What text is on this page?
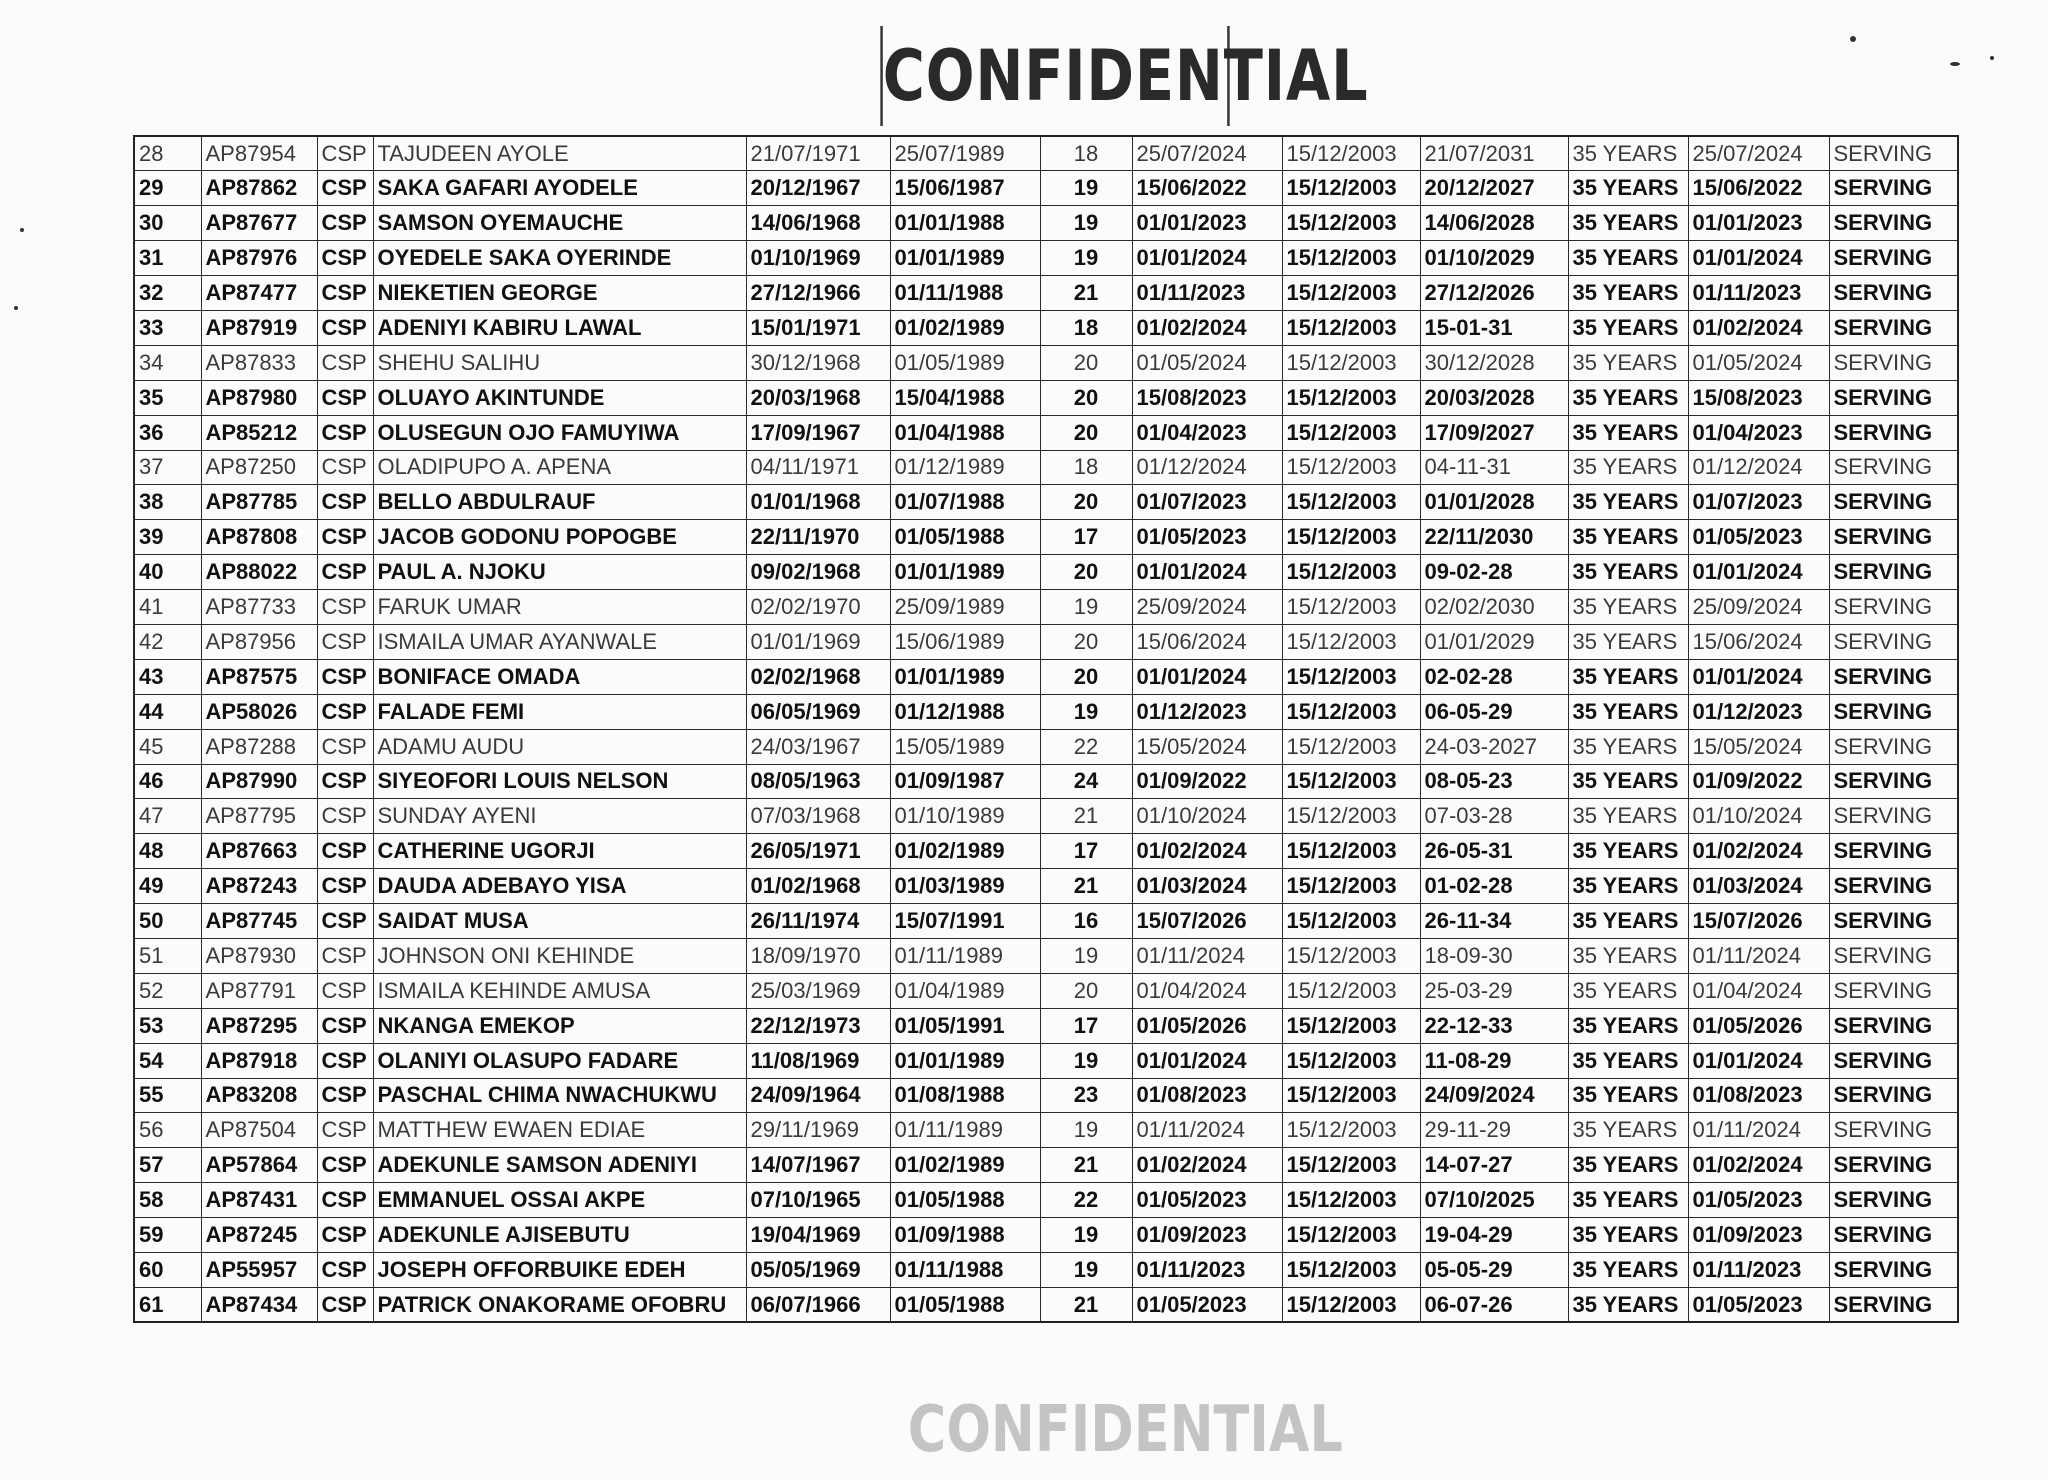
CONFIDENTIAL
CONFIDENTIAL
28	AP87954	CSP	TAJUDEEN AYOLE	21/07/1971	25/07/1989	18	25/07/2024	15/12/2003	21/07/2031	35 YEARS	25/07/2024	SERVING
29	AP87862	CSP	SAKA GAFARI AYODELE	20/12/1967	15/06/1987	19	15/06/2022	15/12/2003	20/12/2027	35 YEARS	15/06/2022	SERVING
30	AP87677	CSP	SAMSON OYEMAUCHE	14/06/1968	01/01/1988	19	01/01/2023	15/12/2003	14/06/2028	35 YEARS	01/01/2023	SERVING
31	AP87976	CSP	OYEDELE SAKA OYERINDE	01/10/1969	01/01/1989	19	01/01/2024	15/12/2003	01/10/2029	35 YEARS	01/01/2024	SERVING
32	AP87477	CSP	NIEKETIEN GEORGE	27/12/1966	01/11/1988	21	01/11/2023	15/12/2003	27/12/2026	35 YEARS	01/11/2023	SERVING
33	AP87919	CSP	ADENIYI KABIRU LAWAL	15/01/1971	01/02/1989	18	01/02/2024	15/12/2003	15-01-31	35 YEARS	01/02/2024	SERVING
34	AP87833	CSP	SHEHU SALIHU	30/12/1968	01/05/1989	20	01/05/2024	15/12/2003	30/12/2028	35 YEARS	01/05/2024	SERVING
35	AP87980	CSP	OLUAYO AKINTUNDE	20/03/1968	15/04/1988	20	15/08/2023	15/12/2003	20/03/2028	35 YEARS	15/08/2023	SERVING
36	AP85212	CSP	OLUSEGUN OJO FAMUYIWA	17/09/1967	01/04/1988	20	01/04/2023	15/12/2003	17/09/2027	35 YEARS	01/04/2023	SERVING
37	AP87250	CSP	OLADIPUPO A. APENA	04/11/1971	01/12/1989	18	01/12/2024	15/12/2003	04-11-31	35 YEARS	01/12/2024	SERVING
38	AP87785	CSP	BELLO ABDULRAUF	01/01/1968	01/07/1988	20	01/07/2023	15/12/2003	01/01/2028	35 YEARS	01/07/2023	SERVING
39	AP87808	CSP	JACOB GODONU POPOGBE	22/11/1970	01/05/1988	17	01/05/2023	15/12/2003	22/11/2030	35 YEARS	01/05/2023	SERVING
40	AP88022	CSP	PAUL A. NJOKU	09/02/1968	01/01/1989	20	01/01/2024	15/12/2003	09-02-28	35 YEARS	01/01/2024	SERVING
41	AP87733	CSP	FARUK UMAR	02/02/1970	25/09/1989	19	25/09/2024	15/12/2003	02/02/2030	35 YEARS	25/09/2024	SERVING
42	AP87956	CSP	ISMAILA UMAR AYANWALE	01/01/1969	15/06/1989	20	15/06/2024	15/12/2003	01/01/2029	35 YEARS	15/06/2024	SERVING
43	AP87575	CSP	BONIFACE OMADA	02/02/1968	01/01/1989	20	01/01/2024	15/12/2003	02-02-28	35 YEARS	01/01/2024	SERVING
44	AP58026	CSP	FALADE FEMI	06/05/1969	01/12/1988	19	01/12/2023	15/12/2003	06-05-29	35 YEARS	01/12/2023	SERVING
45	AP87288	CSP	ADAMU AUDU	24/03/1967	15/05/1989	22	15/05/2024	15/12/2003	24-03-2027	35 YEARS	15/05/2024	SERVING
46	AP87990	CSP	SIYEOFORI LOUIS NELSON	08/05/1963	01/09/1987	24	01/09/2022	15/12/2003	08-05-23	35 YEARS	01/09/2022	SERVING
47	AP87795	CSP	SUNDAY AYENI	07/03/1968	01/10/1989	21	01/10/2024	15/12/2003	07-03-28	35 YEARS	01/10/2024	SERVING
48	AP87663	CSP	CATHERINE UGORJI	26/05/1971	01/02/1989	17	01/02/2024	15/12/2003	26-05-31	35 YEARS	01/02/2024	SERVING
49	AP87243	CSP	DAUDA ADEBAYO YISA	01/02/1968	01/03/1989	21	01/03/2024	15/12/2003	01-02-28	35 YEARS	01/03/2024	SERVING
50	AP87745	CSP	SAIDAT MUSA	26/11/1974	15/07/1991	16	15/07/2026	15/12/2003	26-11-34	35 YEARS	15/07/2026	SERVING
51	AP87930	CSP	JOHNSON ONI KEHINDE	18/09/1970	01/11/1989	19	01/11/2024	15/12/2003	18-09-30	35 YEARS	01/11/2024	SERVING
52	AP87791	CSP	ISMAILA KEHINDE AMUSA	25/03/1969	01/04/1989	20	01/04/2024	15/12/2003	25-03-29	35 YEARS	01/04/2024	SERVING
53	AP87295	CSP	NKANGA EMEKOP	22/12/1973	01/05/1991	17	01/05/2026	15/12/2003	22-12-33	35 YEARS	01/05/2026	SERVING
54	AP87918	CSP	OLANIYI OLASUPO FADARE	11/08/1969	01/01/1989	19	01/01/2024	15/12/2003	11-08-29	35 YEARS	01/01/2024	SERVING
55	AP83208	CSP	PASCHAL CHIMA NWACHUKWU	24/09/1964	01/08/1988	23	01/08/2023	15/12/2003	24/09/2024	35 YEARS	01/08/2023	SERVING
56	AP87504	CSP	MATTHEW EWAEN EDIAE	29/11/1969	01/11/1989	19	01/11/2024	15/12/2003	29-11-29	35 YEARS	01/11/2024	SERVING
57	AP57864	CSP	ADEKUNLE SAMSON ADENIYI	14/07/1967	01/02/1989	21	01/02/2024	15/12/2003	14-07-27	35 YEARS	01/02/2024	SERVING
58	AP87431	CSP	EMMANUEL OSSAI AKPE	07/10/1965	01/05/1988	22	01/05/2023	15/12/2003	07/10/2025	35 YEARS	01/05/2023	SERVING
59	AP87245	CSP	ADEKUNLE AJISEBUTU	19/04/1969	01/09/1988	19	01/09/2023	15/12/2003	19-04-29	35 YEARS	01/09/2023	SERVING
60	AP55957	CSP	JOSEPH OFFORBUIKE EDEH	05/05/1969	01/11/1988	19	01/11/2023	15/12/2003	05-05-29	35 YEARS	01/11/2023	SERVING
61	AP87434	CSP	PATRICK ONAKORAME OFOBRU	06/07/1966	01/05/1988	21	01/05/2023	15/12/2003	06-07-26	35 YEARS	01/05/2023	SERVING
